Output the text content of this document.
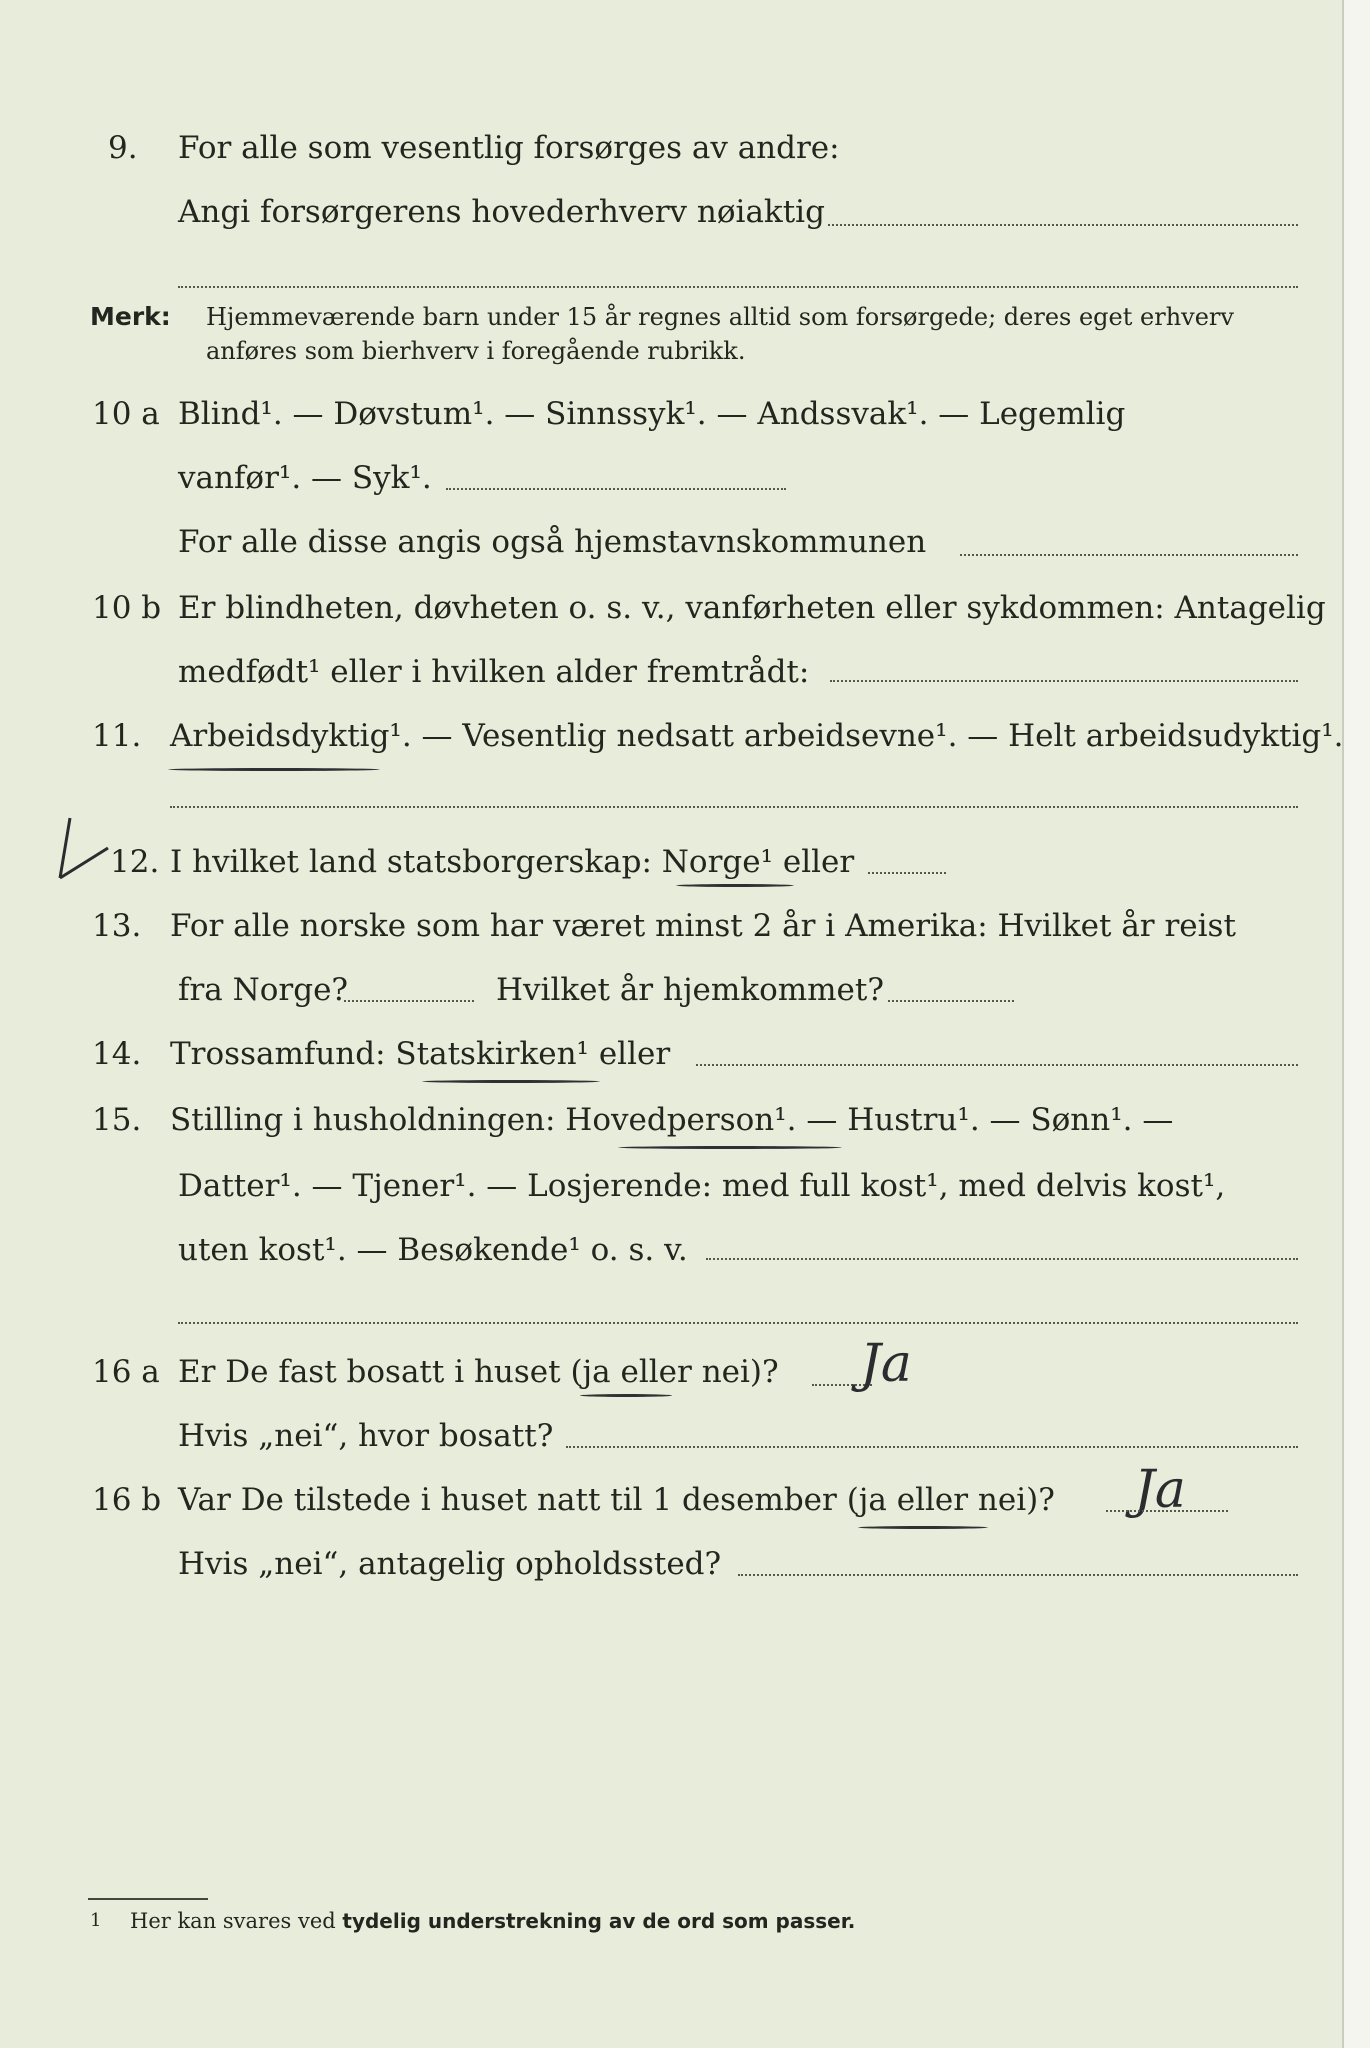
9. For alle som vesentlig forsørges av andre:
Angi forsørgerens hovederhverv nøiaktig
Merk: Hjemmeværende barn under 15 år regnes alltid som forsørgede; deres eget erhverv
anføres som bierhverv i foregående rubrikk.
10 a Blind¹. — Døvstum¹. — Sinnssyk¹. — Andssvak¹. — Legemlig
vanfør¹. — Syk¹.
For alle disse angis også hjemstavnskommunen
10 b Er blindheten, døvheten o. s. v., vanførheten eller sykdommen: Antagelig
medfødt¹ eller i hvilken alder fremtrådt:
11. Arbeidsdyktig¹. — Vesentlig nedsatt arbeidsevne¹. — Helt arbeidsudyktig¹.
12. I hvilket land statsborgerskap: Norge¹ eller
13. For alle norske som har været minst 2 år i Amerika: Hvilket år reist
fra Norge?	Hvilket år hjemkommet?
14. Trossamfund: Statskirken¹ eller
15. Stilling i husholdningen: Hovedperson¹. — Hustru¹. — Sønn¹. —
Datter¹. — Tjener¹. — Losjerende: med full kost¹, med delvis kost¹,
uten kost¹. — Besøkende¹ o. s. v.
16 a Er De fast bosatt i huset (ja eller nei)? Ja
Hvis „nei“, hvor bosatt?
16 b Var De tilstede i huset natt til 1 desember (ja eller nei)? Ja
Hvis „nei“, antagelig opholdssted?
1 Her kan svares ved tydelig understrekning av de ord som passer.
